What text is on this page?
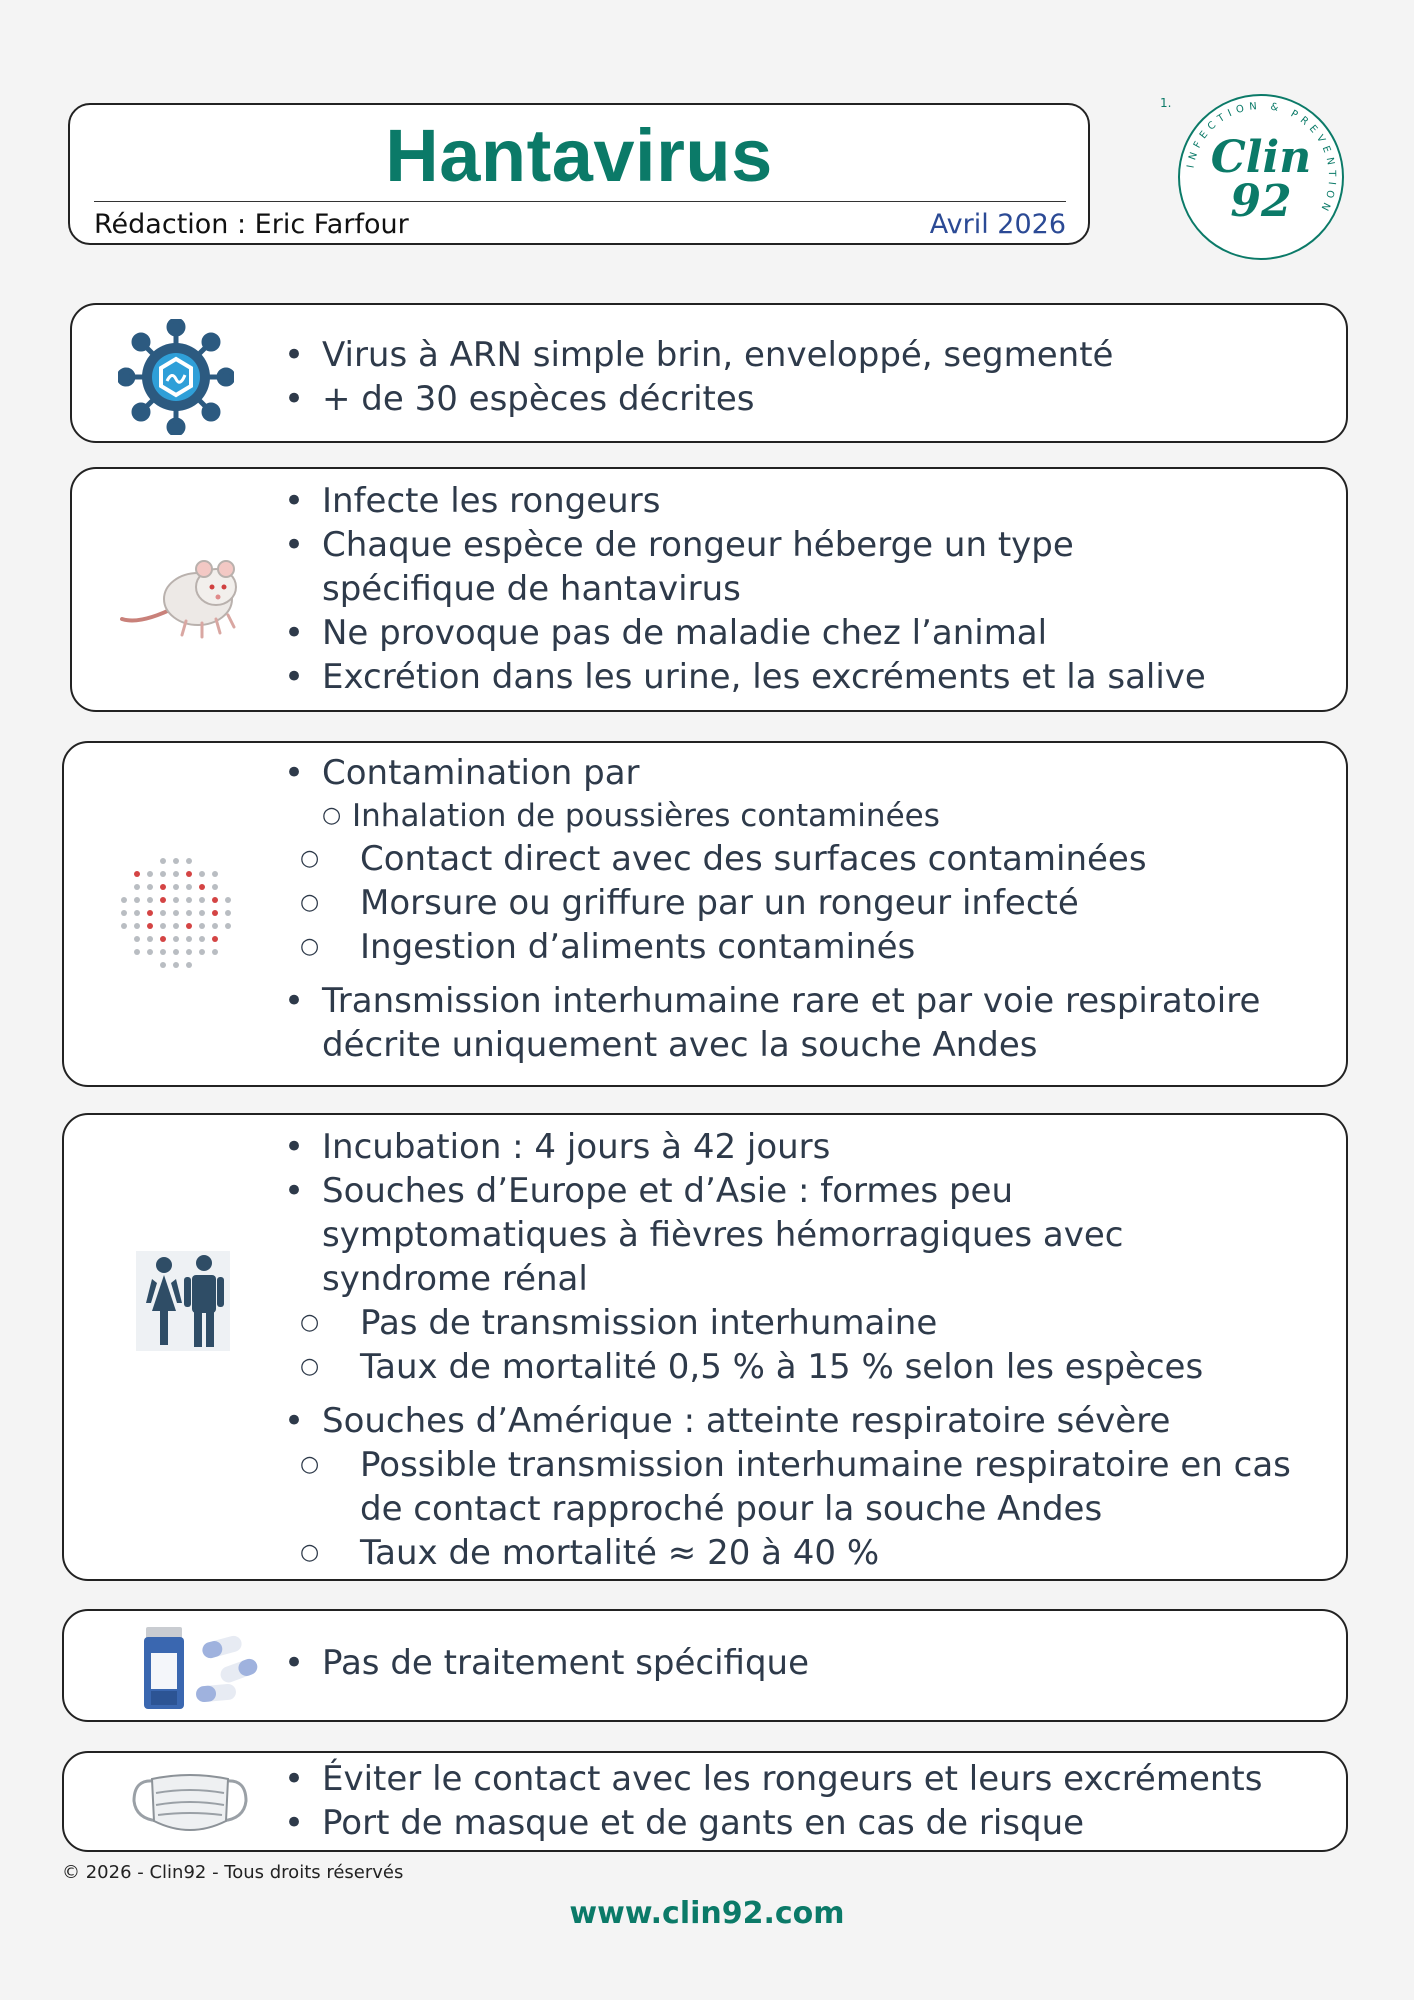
Hantavirus
Rédaction : Eric Farfour	Avril 2026
1.
INFECTION & PREVENTION
Clin
92
• Virus à ARN simple brin, enveloppé, segmenté
• + de 30 espèces décrites
• Infecte les rongeurs
• Chaque espèce de rongeur héberge un type spécifique de hantavirus
• Ne provoque pas de maladie chez l’animal
• Excrétion dans les urine, les excréments et la salive
• Contamination par
○ Inhalation de poussières contaminées
○ Contact direct avec des surfaces contaminées
○ Morsure ou griffure par un rongeur infecté
○ Ingestion d’aliments contaminés
• Transmission interhumaine rare et par voie respiratoire décrite uniquement avec la souche Andes
• Incubation : 4 jours à 42 jours
• Souches d’Europe et d’Asie : formes peu symptomatiques à fièvres hémorragiques avec syndrome rénal
○ Pas de transmission interhumaine
○ Taux de mortalité 0,5 % à 15 % selon les espèces
• Souches d’Amérique : atteinte respiratoire sévère
○ Possible transmission interhumaine respiratoire en cas de contact rapproché pour la souche Andes
○ Taux de mortalité ≈ 20 à 40 %
• Pas de traitement spécifique
• Éviter le contact avec les rongeurs et leurs excréments
• Port de masque et de gants en cas de risque
© 2026 - Clin92 - Tous droits réservés
www.clin92.com
